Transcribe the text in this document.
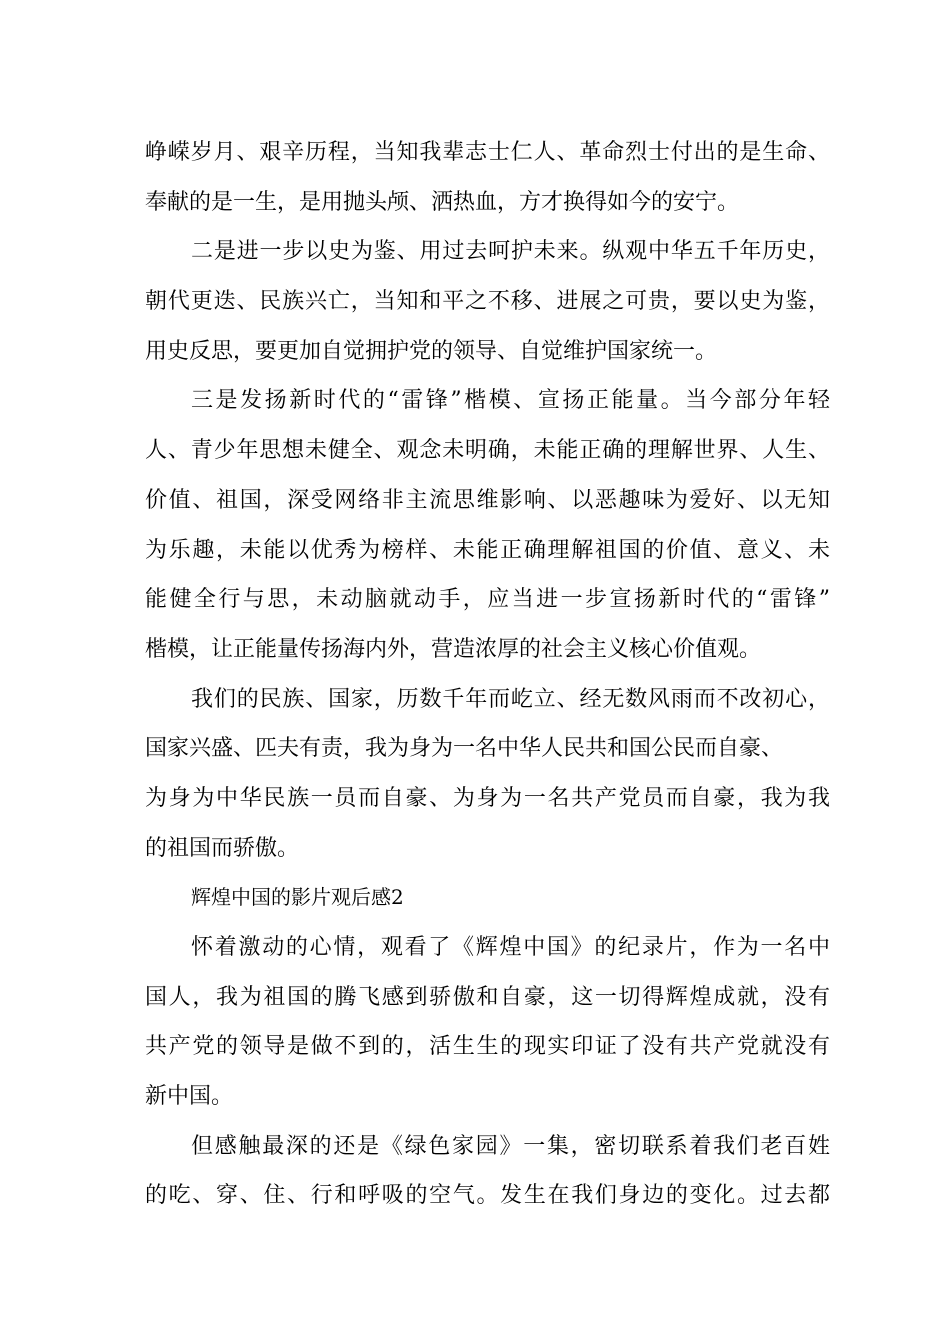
峥嵘岁月、艰辛历程，当知我辈志士仁人、革命烈士付出的是生命、
奉献的是一生，是用抛头颅、洒热血，方才换得如今的安宁。
二是进一步以史为鉴、用过去呵护未来。纵观中华五千年历史，
朝代更迭、民族兴亡，当知和平之不移、进展之可贵，要以史为鉴，
用史反思，要更加自觉拥护党的领导、自觉维护国家统一。
三是发扬新时代的“雷锋”楷模、宣扬正能量。当今部分年轻
人、青少年思想未健全、观念未明确，未能正确的理解世界、人生、
价值、祖国，深受网络非主流思维影响、以恶趣味为爱好、以无知
为乐趣，未能以优秀为榜样、未能正确理解祖国的价值、意义、未
能健全行与思，未动脑就动手，应当进一步宣扬新时代的“雷锋”
楷模，让正能量传扬海内外，营造浓厚的社会主义核心价值观。
我们的民族、国家，历数千年而屹立、经无数风雨而不改初心，
国家兴盛、匹夫有责，我为身为一名中华人民共和国公民而自豪、
为身为中华民族一员而自豪、为身为一名共产党员而自豪，我为我
的祖国而骄傲。
辉煌中国的影片观后感2
怀着激动的心情，观看了《辉煌中国》的纪录片，作为一名中
国人，我为祖国的腾飞感到骄傲和自豪，这一切得辉煌成就，没有
共产党的领导是做不到的，活生生的现实印证了没有共产党就没有
新中国。
但感触最深的还是《绿色家园》一集，密切联系着我们老百姓
的吃、穿、住、行和呼吸的空气。发生在我们身边的变化。过去都
